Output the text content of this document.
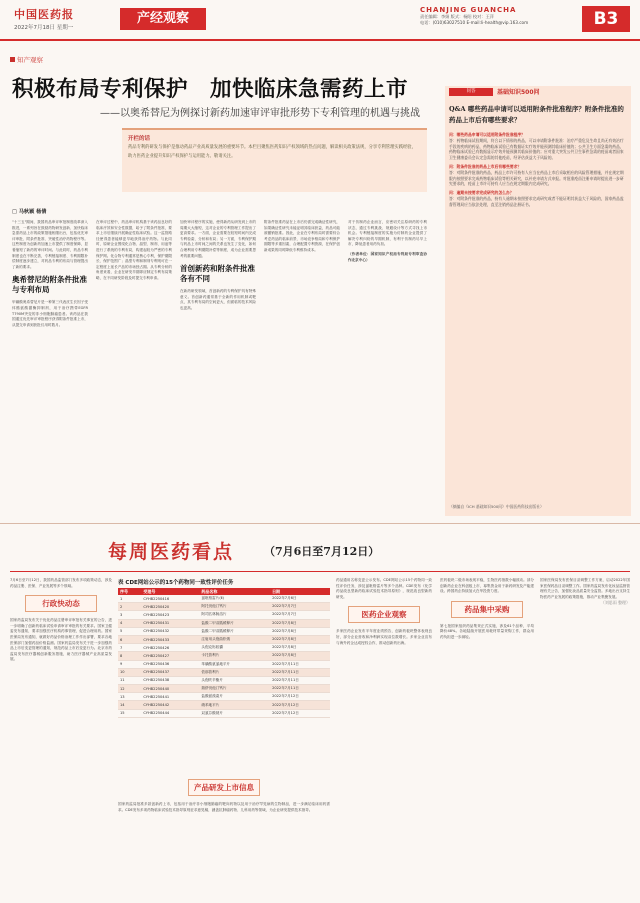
中国医药报
2022年7月18日 星期一
产经观察
CHANJING GUANCHA
责任编辑：李娟 版式：杨阳 校对：王萍
电话：(010)63027510 E-mail:li-health@vip.163.com	B3
知产观察
积极布局专利保护　加快临床急需药上市
——以奥希替尼为例探讨新药加速审评审批形势下专利管理的机遇与挑战
开栏的话
药品专利的研发与保护是推动药品产业高质量发展的重要环节。本栏目聚焦医药知识产权领域的热点问题，解读相关政策法规，分享专利管理实践经验，助力医药企业提升知识产权保护与运用能力。敬请关注。
□ 马秋颖 杨倩
"十三五"期间，我国药品审评审批制度改革深入推进，一系列旨在鼓励药物研发创新、加快临床急需药品上市的政策措施相继出台，包括优先审评审批、附条件批准、突破性治疗药物程序等。这些制度为创新药加速上市提供了制度保障，显著缩短了新药的审评时间。与此同时，药品专利制度也在不断完善，专利链接制度、专利期限补偿制度逐步建立，对药品专利的布局与管理提出了新的要求。
奥希替尼的附条件批准与专利布局
甲磺酸奥希替尼片是一种第三代表皮生长因子受体酪氨酸激酶抑制剂，用于治疗携带EGFR T790M突变的非小细胞肺癌患者。该药品在我国通过优先审评审批程序获得附条件批准上市，从提交申请到获批仅用时数月。
在审评过程中，药品审评机构基于该药品良好的临床疗效和安全性数据，给予了附条件批准，要求上市后继续开展确证性临床试验。这一监管路径使得患者能够更早地获得治疗药物。与此同时，原研企业围绕化合物、晶型、制剂、用途等进行了系统的专利布局，构建起较为严密的专利保护网。化合物专利通常是核心专利，保护期限长、保护范围广；晶型专利和制剂专利则可在一定程度上延长产品的市场独占期。从专利分析的角度来看，企业在研发早期即应制定专利布局策略，在不同研发阶段及时提交专利申请。
加快审评程序的实施，使得新药从研发到上市的周期大大缩短，这对企业的专利管理工作提出了更高要求。一方面，企业需要在较短时间内完成专利检索、分析和布局；另一方面，专利保护期与药品上市时间之间的关系也发生了变化，如何合理利用专利期限补偿等制度，成为企业需要思考的重要问题。
首创新药和附条件批准各有不同
在新药研发领域，首创新药的专利保护具有特殊意义。首创新药通常基于全新的作用机制或靶点，其专利布局的空间更大，但面临的技术风险也更高。
附条件批准药品在上市后仍需完成确证性研究，如果确证性研究未能证明其临床获益，药品可能被撤销批准。因此，企业在专利布局时需要综合考虑药品的临床前景、市场竞争格局和专利保护期限等多重因素，合理配置专利资源，在保护创新成果的同时降低专利维持成本。
对于仿制药企业而言，应密切关注原研药的专利状态，通过专利挑战、规避设计等方式寻找上市机会。专利链接制度的实施为仿制药企业提供了解决专利纠纷的早期机制，有利于仿制药尽早上市，降低患者用药负担。
（作者单位：国家知识产权局专利局专利审查协作北京中心）
问答	基础知识500问
Q&A 哪些药品申请可以适用附条件批准程序？附条件批准的药品上市后有哪些要求？
问：哪些药品申请可以适用附条件批准程序？
答：药物临床试验期间，符合以下情形的药品，可以申请附条件批准：治疗严重危及生命且尚无有效治疗手段的疾病的药品，药物临床试验已有数据证实疗效并能预测其临床价值的；公共卫生方面急需的药品，药物临床试验已有数据显示疗效并能预测其临床价值的；应对重大突发公共卫生事件急需的疫苗或者国家卫生健康委员会认定急需的其他疫苗，经评估获益大于风险的。
问：附条件批准的药品上市后有哪些要求？
答：对附条件批准的药品，药品上市许可持有人应当在药品上市后采取相应的风险管理措施，并在规定期限内按照要求完成药物临床试验等相关研究，以补充申请方式申报。对批准疫苗注册申请时提出进一步研究要求的，疫苗上市许可持有人应当在规定期限内完成研究。
问：逾期未按要求完成研究的怎么办？
答：对附条件批准的药品，持有人逾期未按照要求完成研究或者不能证明其获益大于风险的，国家药品监督管理局应当依法处理，直至注销药品注册证书。
（摘编自《ICH 基础知识500问》中国医药科技出版社）
每周医药看点	（7月6日至7月12日）
7月6日至7月12日，我国药品监管部门发布多项政策动态，涉及药品注册、医保、产业发展等多个领域。
行政快动态
国家药监局发布关于优化药品注册审评审批有关事宜的公告，进一步明确了创新药临床试验申请审评审批的有关要求。国家卫健委发布通知，要求加强医疗机构药事管理，促进合理用药。国家医保局发布通知，就做好药品价格治理工作作出部署，要求各地医保部门加强药品价格监测。国家药监局发布关于进一步加强药品上市后变更管理的通知，规范药品上市后变更行为。北京市药监局发布医疗器械创新服务措施，助力医疗器械产业高质量发展。
表 CDE网站公示的15个药物同一致性评价任务
序号	受理号	药品名称	日期
1	CYHB2250416	氯吡格雷片(Ⅱ)	2022年7月6日
2	CYHB2250420	阿托伐他汀钙片	2022年7月7日
3	CYHB2250423	阿司匹林肠溶片	2022年7月7日
4	CYHB2250431	盐酸二甲双胍缓释片	2022年7月8日
5	CYHB2250432	盐酸二甲双胍缓释片	2022年7月8日
6	CYHB2250433	注射用头孢曲松钠	2022年7月8日
7	CYHB2250426	头孢克肟胶囊	2022年7月8日
8	CYHB2250427	卡托普利片	2022年7月8日
9	CYHB2250436	苯磺酸氨氯地平片	2022年7月11日
10	CYHB2250437	依那普利片	2022年7月11日
11	CYHB2250438	头孢呋辛酯片	2022年7月11日
12	CYHB2250440	瑞舒伐他汀钙片	2022年7月11日
13	CYHB2250441	盐酸氨溴索片	2022年7月12日
14	CYHB2250442	硝苯地平片	2022年7月12日
15	CYHB2250444	双氯芬酸钠片	2022年7月12日
产品研发上市信息
国家药监局批准多款创新药上市，包括用于治疗非小细胞肺癌的靶向药物以及用于治疗罕见病的生物制品，进一步满足临床用药需求。CDE发布多项药物临床试验技术指导原则征求意见稿，涵盖抗肿瘤药物、儿科用药等领域，为企业研发提供技术指导。
药品通用名称变更公示发布。CDE网站公示15个药物同一致性评价任务，涉及氯吡格雷片等多个品种。CDE发布《化学药品改良型新药临床试验技术指导原则》，规范改良型新药研发。
医药企业观察
多家医药企业发布半年度业绩预告，创新药板块整体表现良好，部分企业营收和净利润实现双位数增长。多家企业宣布与海外药企达成授权合作，推动创新药出海。
医药板块二级市场表现平稳，生物医药指数小幅波动。部分创新药企业在科创板上市，募集资金用于新药研发及产能建设。跨国药企持续加大在华投资力度。
药品集中采购
第七批国家组织药品集采正式实施，涉及61个品种，平均降价48%。各地陆续开展医用耗材带量采购工作，群众用药负担进一步减轻。
国家医保局发布医保目录调整工作方案，启动2022年国家医保药品目录调整工作。国家药监局发布化妆品监督管理有关公告，加强化妆品质量安全监管。多地出台支持生物医药产业发展的政策措施，推动产业集聚发展。
（刘思雨 整理）
